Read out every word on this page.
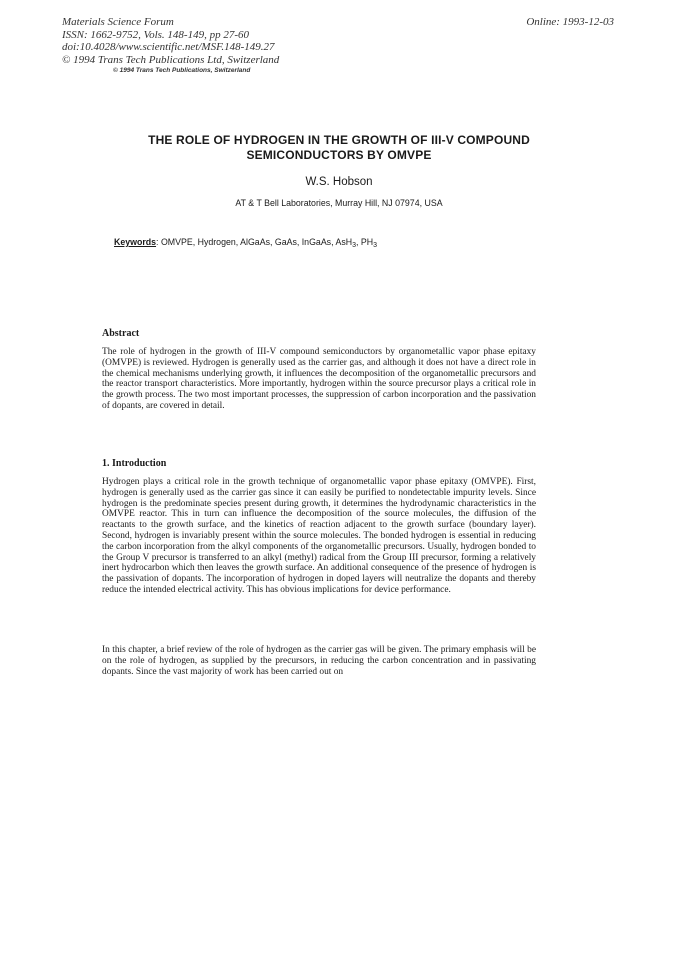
Materials Science Forum
ISSN: 1662-9752, Vols. 148-149, pp 27-60
doi:10.4028/www.scientific.net/MSF.148-149.27
© 1994 Trans Tech Publications Ltd, Switzerland
© 1994 Trans Tech Publications, Switzerland
Online: 1993-12-03
THE ROLE OF HYDROGEN IN THE GROWTH OF III-V COMPOUND
SEMICONDUCTORS BY OMVPE
W.S. Hobson
AT & T Bell Laboratories, Murray Hill, NJ 07974, USA
Keywords: OMVPE, Hydrogen, AlGaAs, GaAs, InGaAs, AsH$_3$, $PH_3$
Abstract
The role of hydrogen in the growth of III-V compound semiconductors by organometallic vapor phase epitaxy (OMVPE) is reviewed. Hydrogen is generally used as the carrier gas, and although it does not have a direct role in the chemical mechanisms underlying growth, it influences the decomposition of the organometallic precursors and the reactor transport characteristics. More importantly, hydrogen within the source precursor plays a critical role in the growth process. The two most important processes, the suppression of carbon incorporation and the passivation of dopants, are covered in detail.
1. Introduction
Hydrogen plays a critical role in the growth technique of organometallic vapor phase epitaxy (OMVPE). First, hydrogen is generally used as the carrier gas since it can easily be purified to nondetectable impurity levels. Since hydrogen is the predominate species present during growth, it determines the hydrodynamic characteristics in the OMVPE reactor. This in turn can influence the decomposition of the source molecules, the diffusion of the reactants to the growth surface, and the kinetics of reaction adjacent to the growth surface (boundary layer). Second, hydrogen is invariably present within the source molecules. The bonded hydrogen is essential in reducing the carbon incorporation from the alkyl components of the organometallic precursors. Usually, hydrogen bonded to the Group V precursor is transferred to an alkyl (methyl) radical from the Group III precursor, forming a relatively inert hydrocarbon which then leaves the growth surface. An additional consequence of the presence of hydrogen is the passivation of dopants. The incorporation of hydrogen in doped layers will neutralize the dopants and thereby reduce the intended electrical activity. This has obvious implications for device performance.
In this chapter, a brief review of the role of hydrogen as the carrier gas will be given. The primary emphasis will be on the role of hydrogen, as supplied by the precursors, in reducing the carbon concentration and in passivating dopants. Since the vast majority of work has been carried out on
